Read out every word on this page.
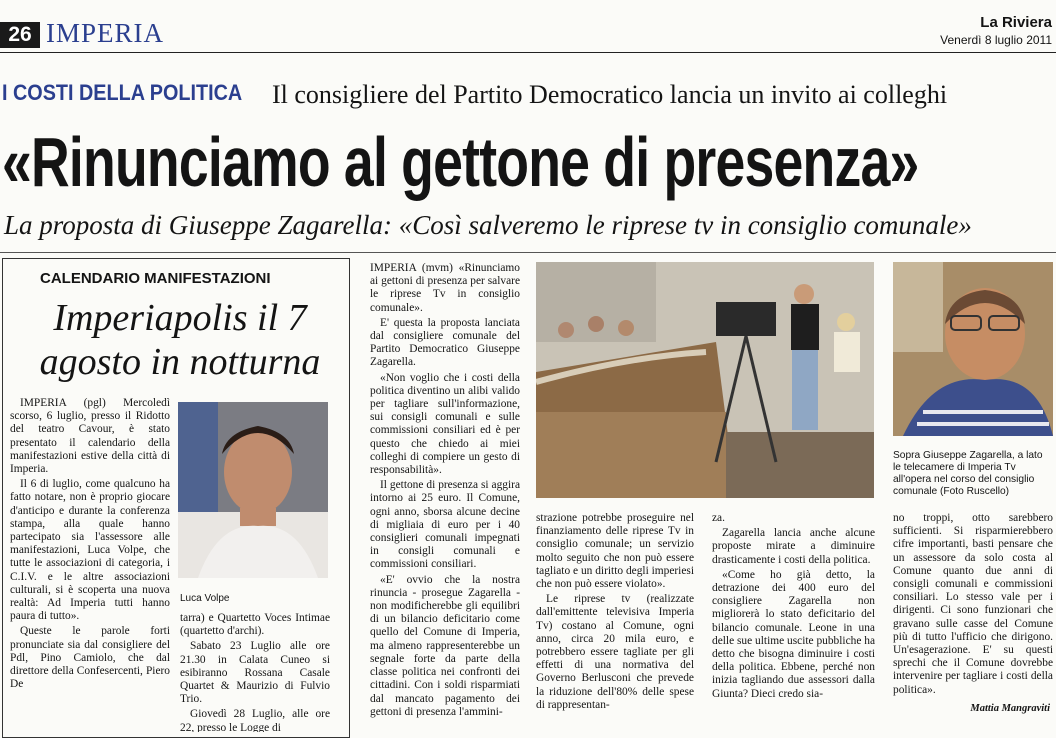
26 IMPERIA	La Riviera
Venerdì 8 luglio 2011
I COSTI DELLA POLITICA Il consigliere del Partito Democratico lancia un invito ai colleghi
«Rinunciamo al gettone di presenza»
La proposta di Giuseppe Zagarella: «Così salveremo le riprese tv in consiglio comunale»
CALENDARIO MANIFESTAZIONI
Imperiapolis il 7 agosto in notturna

IMPERIA (pgl) Mercoledì scorso, 6 luglio, presso il Ridotto del teatro Cavour, è stato presentato il calendario della manifestazioni estive della città di Imperia.

Il 6 di luglio, come qualcuno ha fatto notare, non è proprio giocare d'anticipo e durante la conferenza stampa, alla quale hanno partecipato sia l'assessore alle manifestazioni, Luca Volpe, che tutte le associazioni di categoria, i C.I.V. e le altre associazioni culturali, si è scoperta una nuova realtà: Ad Imperia tutti hanno paura di tutto».

Queste le parole forti pronunciate sia dal consigliere del Pdl, Pino Camiolo, che dal direttore della Confesercenti, Piero De

Luca Volpe

tarra) e Quartetto Voces Intimae (quartetto d'archi).

Sabato 23 Luglio alle ore 21.30 in Calata Cuneo si esibiranno Rossana Casale Quartet & Maurizio di Fulvio Trio.

Giovedì 28 Luglio, alle ore 22, presso le Logge di

IMPERIA (mvm) «Rinunciamo ai gettoni di presenza per salvare le riprese Tv in consiglio comunale».

E' questa la proposta lanciata dal consigliere comunale del Partito Democratico Giuseppe Zagarella.

«Non voglio che i costi della politica diventino un alibi valido per tagliare sull'informazione, sui consigli comunali e sulle commissioni consiliari ed è per questo che chiedo ai miei colleghi di compiere un gesto di responsabilità».

Il gettone di presenza si aggira intorno ai 25 euro. Il Comune, ogni anno, sborsa alcune decine di migliaia di euro per i 40 consiglieri comunali impegnati in consigli comunali e commissioni consiliari.

«E' ovvio che la nostra rinuncia - prosegue Zagarella - non modificherebbe gli equilibri di un bilancio deficitario come quello del Comune di Imperia, ma almeno rappresenterebbe un segnale forte da parte della classe politica nei confronti dei cittadini. Con i soldi risparmiati dal mancato pagamento dei gettoni di presenza l'ammini-

strazione potrebbe proseguire nel finanziamento delle riprese Tv in consiglio comunale; un servizio molto seguito che non può essere tagliato e un diritto degli imperiesi che non può essere violato».

Le riprese tv (realizzate dall'emittente televisiva Imperia Tv) costano al Comune, ogni anno, circa 20 mila euro, e potrebbero essere tagliate per gli effetti di una normativa del Governo Berlusconi che prevede la riduzione dell'80% delle spese di rappresentan-

za.

Zagarella lancia anche alcune proposte mirate a diminuire drasticamente i costi della politica.

«Come ho già detto, la detrazione dei 400 euro del consigliere Zagarella non migliorerà lo stato deficitario del bilancio comunale. Leone in una delle sue ultime uscite pubbliche ha detto che bisogna diminuire i costi della politica. Ebbene, perché non inizia tagliando due assessori dalla Giunta? Dieci credo sia-

Sopra Giuseppe Zagarella, a lato le telecamere di Imperia Tv all'opera nel corso del consiglio comunale (Foto Ruscello)

no troppi, otto sarebbero sufficienti. Si risparmierebbero cifre importanti, basti pensare che un assessore da solo costa al Comune quanto due anni di consigli comunali e commissioni consiliari. Lo stesso vale per i dirigenti. Ci sono funzionari che gravano sulle casse del Comune più di tutto l'ufficio che dirigono. Un'esagerazione. E' su questi sprechi che il Comune dovrebbe intervenire per tagliare i costi della politica».

Mattia Mangraviti
